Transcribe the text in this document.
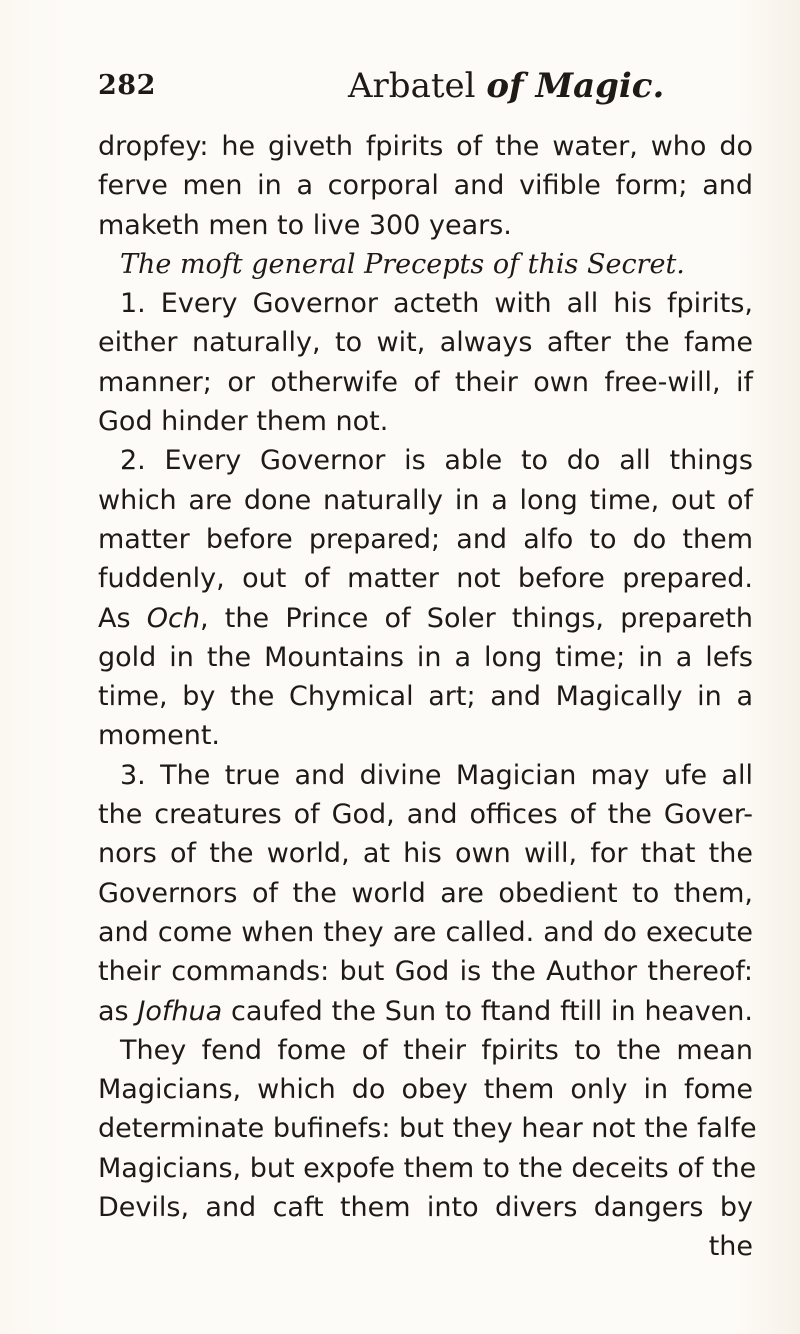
282	Arbatel of Magic.
dropfey: he giveth fpirits of the water, who do
ferve men in a corporal and vifible form; and
maketh men to live 300 years.
The moft general Precepts of this Secret.
1. Every Governor acteth with all his fpirits,
either naturally, to wit, always after the fame
manner; or otherwife of their own free-will, if
God hinder them not.
2. Every Governor is able to do all things
which are done naturally in a long time, out of
matter before prepared; and alfo to do them
fuddenly, out of matter not before prepared.
As Och, the Prince of Soler things, prepareth
gold in the Mountains in a long time; in a lefs
time, by the Chymical art; and Magically in a
moment.
3. The true and divine Magician may ufe all
the creatures of God, and offices of the Gover-
nors of the world, at his own will, for that the
Governors of the world are obedient to them,
and come when they are called. and do execute
their commands: but God is the Author thereof:
as Jofhua caufed the Sun to ftand ftill in heaven.
They fend fome of their fpirits to the mean
Magicians, which do obey them only in fome
determinate bufinefs: but they hear not the falfe
Magicians, but expofe them to the deceits of the
Devils, and caft them into divers dangers by
the
